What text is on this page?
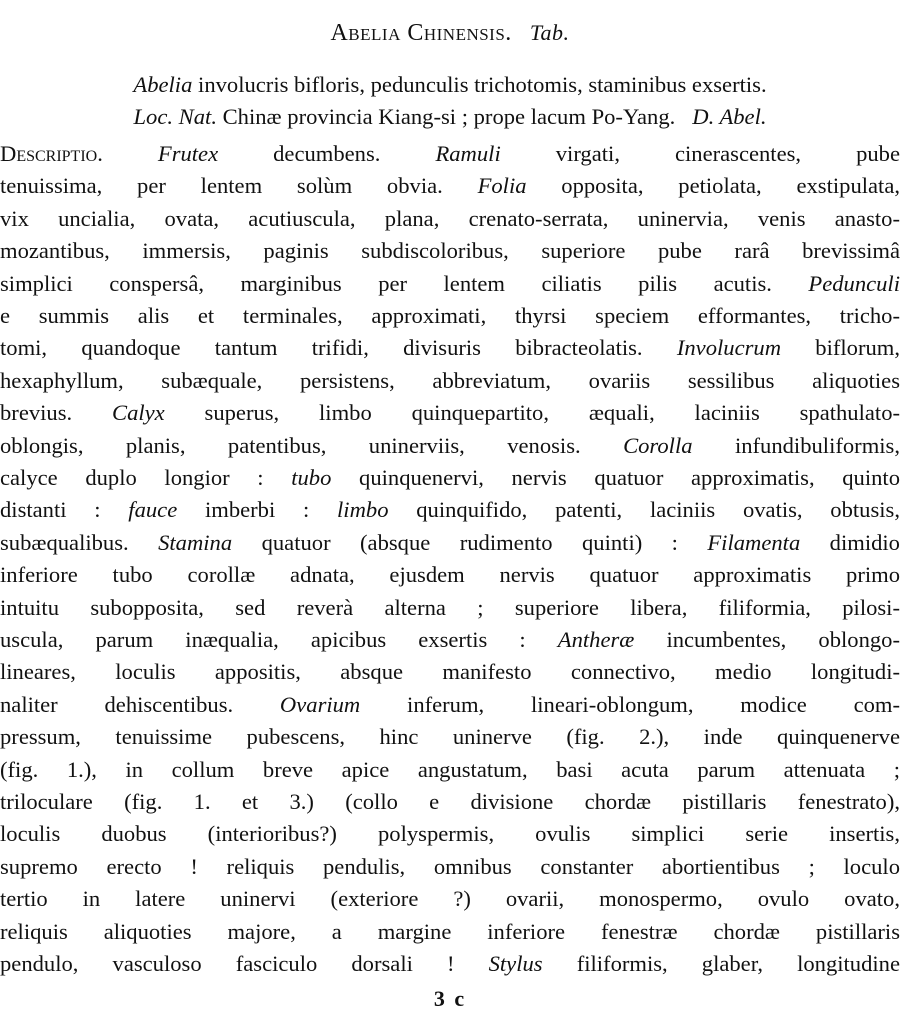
Abelia Chinensis. Tab.
Abelia involucris bifloris, pedunculis trichotomis, staminibus exsertis.
Loc. Nat. Chinæ provincia Kiang-si ; prope lacum Po-Yang. D. Abel.
Descriptio. Frutex decumbens. Ramuli virgati, cinerascentes, pube
tenuissima, per lentem solùm obvia. Folia opposita, petiolata, exstipulata,
vix uncialia, ovata, acutiuscula, plana, crenato-serrata, uninervia, venis anasto-
mozantibus, immersis, paginis subdiscoloribus, superiore pube rarâ brevissimâ
simplici conspersâ, marginibus per lentem ciliatis pilis acutis. Pedunculi
e summis alis et terminales, approximati, thyrsi speciem efformantes, tricho-
tomi, quandoque tantum trifidi, divisuris bibracteolatis. Involucrum biflorum,
hexaphyllum, subæquale, persistens, abbreviatum, ovariis sessilibus aliquoties
brevius. Calyx superus, limbo quinquepartito, æquali, laciniis spathulato-
oblongis, planis, patentibus, uninerviis, venosis. Corolla infundibuliformis,
calyce duplo longior : tubo quinquenervi, nervis quatuor approximatis, quinto
distanti : fauce imberbi : limbo quinquifido, patenti, laciniis ovatis, obtusis,
subæqualibus. Stamina quatuor (absque rudimento quinti) : Filamenta dimidio
inferiore tubo corollæ adnata, ejusdem nervis quatuor approximatis primo
intuitu subopposita, sed reverà alterna ; superiore libera, filiformia, pilosi-
uscula, parum inæqualia, apicibus exsertis : Antheræ incumbentes, oblongo-
lineares, loculis appositis, absque manifesto connectivo, medio longitudi-
naliter dehiscentibus. Ovarium inferum, lineari-oblongum, modice com-
pressum, tenuissime pubescens, hinc uninerve (fig. 2.), inde quinquenerve
(fig. 1.), in collum breve apice angustatum, basi acuta parum attenuata ;
triloculare (fig. 1. et 3.) (collo e divisione chordæ pistillaris fenestrato),
loculis duobus (interioribus?) polyspermis, ovulis simplici serie insertis,
supremo erecto ! reliquis pendulis, omnibus constanter abortientibus ; loculo
tertio in latere uninervi (exteriore ?) ovarii, monospermo, ovulo ovato,
reliquis aliquoties majore, a margine inferiore fenestræ chordæ pistillaris
pendulo, vasculoso fasciculo dorsali ! Stylus filiformis, glaber, longitudine
3 c
